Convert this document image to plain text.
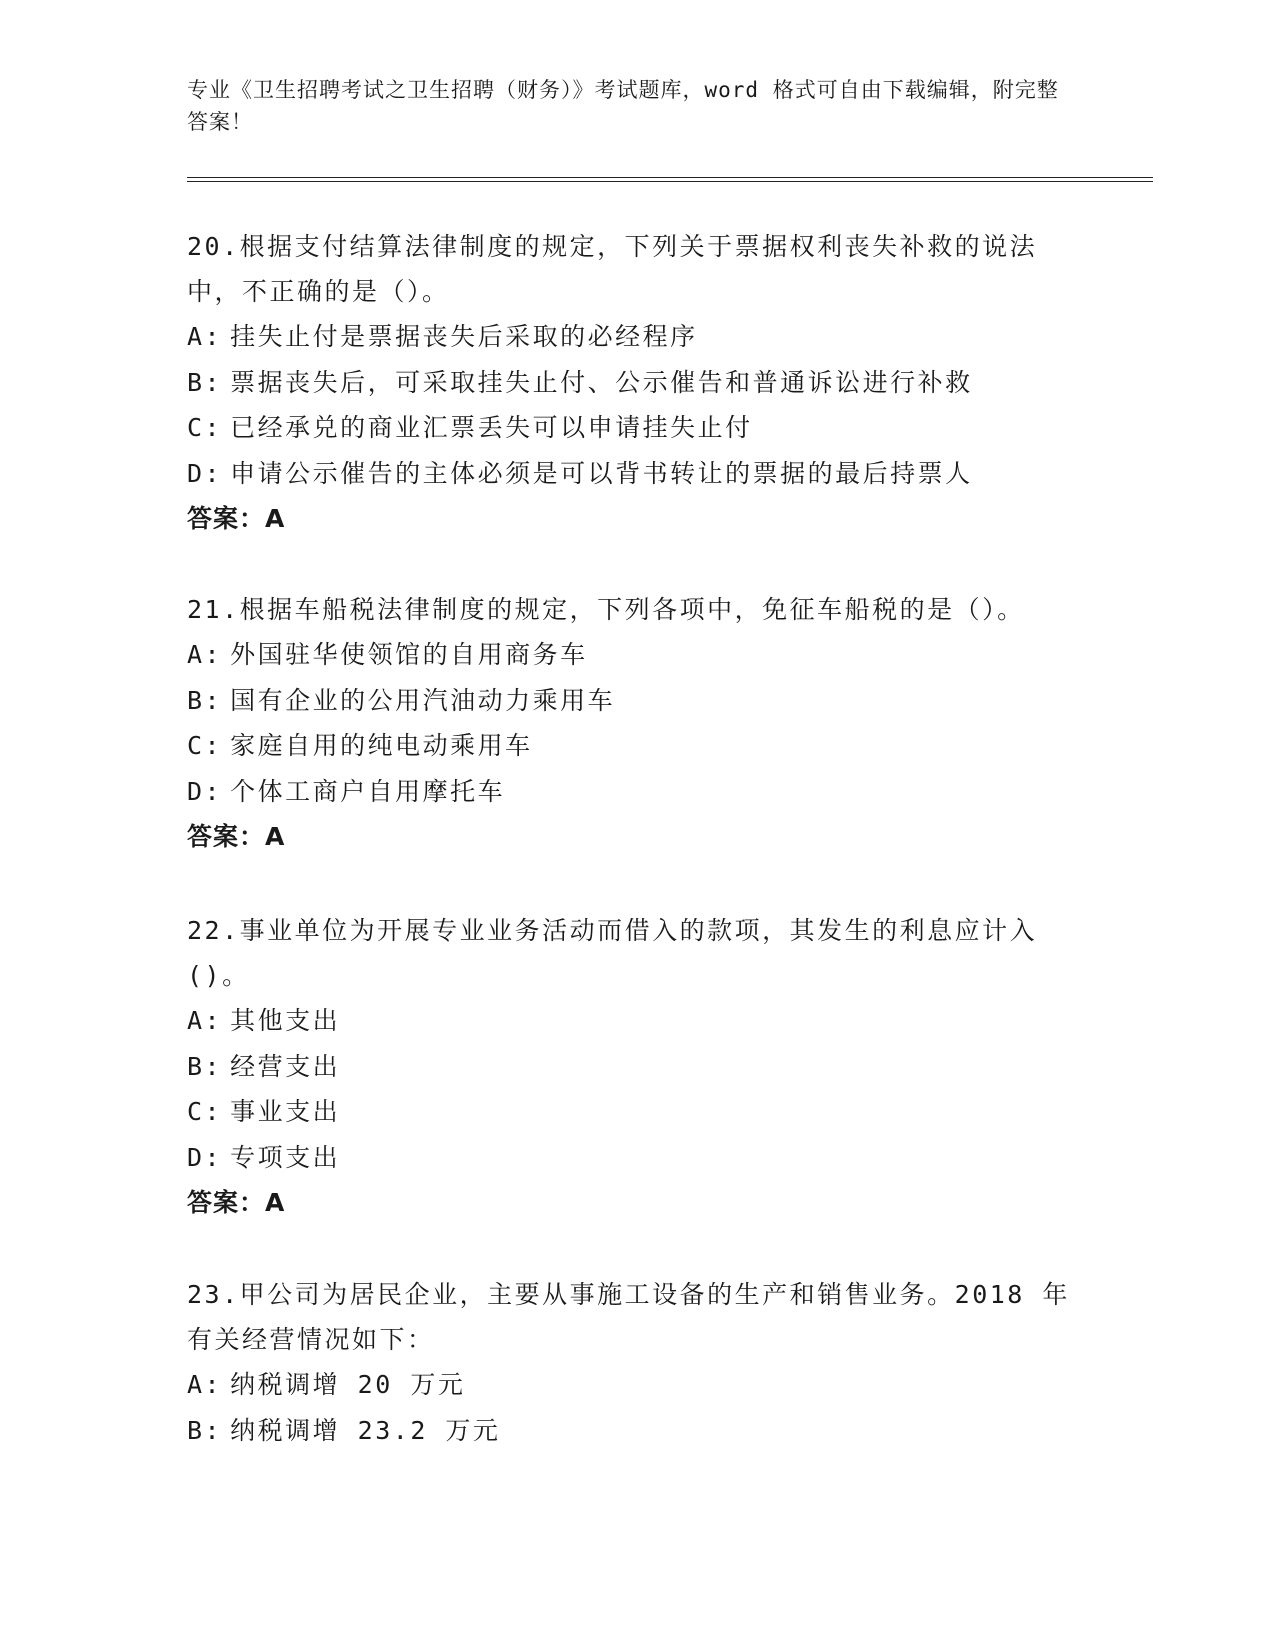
专业《卫生招聘考试之卫生招聘（财务）》考试题库，word 格式可自由下载编辑，附完整答案！

20.根据支付结算法律制度的规定，下列关于票据权利丧失补救的说法中，不正确的是（）。

A: 挂失止付是票据丧失后采取的必经程序

B: 票据丧失后，可采取挂失止付、公示催告和普通诉讼进行补救

C: 已经承兑的商业汇票丢失可以申请挂失止付

D: 申请公示催告的主体必须是可以背书转让的票据的最后持票人

答案：A

21.根据车船税法律制度的规定，下列各项中，免征车船税的是（）。

A: 外国驻华使领馆的自用商务车

B: 国有企业的公用汽油动力乘用车

C: 家庭自用的纯电动乘用车

D: 个体工商户自用摩托车

答案：A

22.事业单位为开展专业业务活动而借入的款项，其发生的利息应计入()。

A: 其他支出

B: 经营支出

C: 事业支出

D: 专项支出

答案：A

23.甲公司为居民企业，主要从事施工设备的生产和销售业务。2018 年有关经营情况如下：

A: 纳税调增 20 万元

B: 纳税调增 23.2 万元
